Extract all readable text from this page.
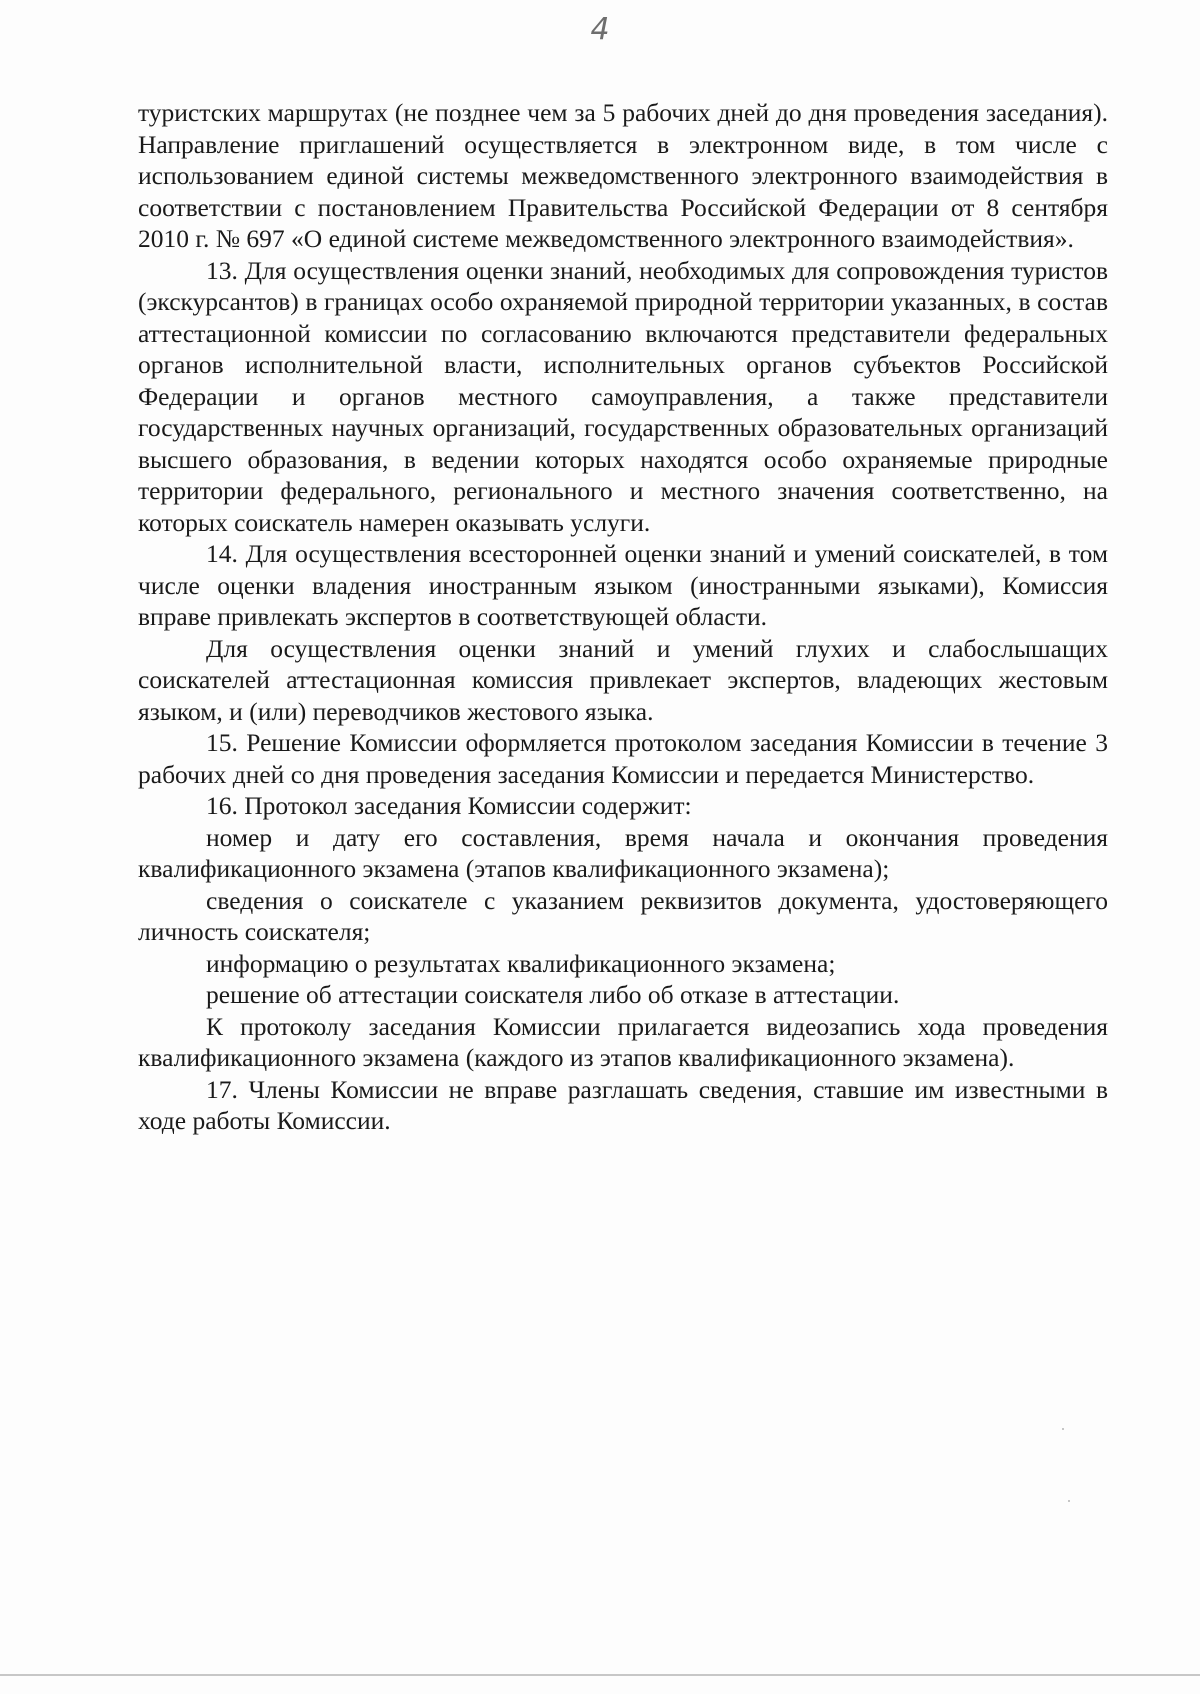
4

туристских маршрутах (не позднее чем за 5 рабочих дней до дня проведения заседания). Направление приглашений осуществляется в электронном виде, в том числе с использованием единой системы межведомственного электронного взаимодействия в соответствии с постановлением Правительства Российской Федерации от 8 сентября 2010 г. № 697 «О единой системе межведомственного электронного взаимодействия».

13. Для осуществления оценки знаний, необходимых для сопровождения туристов (экскурсантов) в границах особо охраняемой природной территории указанных, в состав аттестационной комиссии по согласованию включаются представители федеральных органов исполнительной власти, исполнительных органов субъектов Российской Федерации и органов местного самоуправления, а также представители государственных научных организаций, государственных образовательных организаций высшего образования, в ведении которых находятся особо охраняемые природные территории федерального, регионального и местного значения соответственно, на которых соискатель намерен оказывать услуги.

14. Для осуществления всесторонней оценки знаний и умений соискателей, в том числе оценки владения иностранным языком (иностранными языками), Комиссия вправе привлекать экспертов в соответствующей области.

Для осуществления оценки знаний и умений глухих и слабослышащих соискателей аттестационная комиссия привлекает экспертов, владеющих жестовым языком, и (или) переводчиков жестового языка.

15. Решение Комиссии оформляется протоколом заседания Комиссии в течение 3 рабочих дней со дня проведения заседания Комиссии и передается Министерство.

16. Протокол заседания Комиссии содержит:

номер и дату его составления, время начала и окончания проведения квалификационного экзамена (этапов квалификационного экзамена);

сведения о соискателе с указанием реквизитов документа, удостоверяющего личность соискателя;

информацию о результатах квалификационного экзамена;

решение об аттестации соискателя либо об отказе в аттестации.

К протоколу заседания Комиссии прилагается видеозапись хода проведения квалификационного экзамена (каждого из этапов квалификационного экзамена).

17. Члены Комиссии не вправе разглашать сведения, ставшие им известными в ходе работы Комиссии.
